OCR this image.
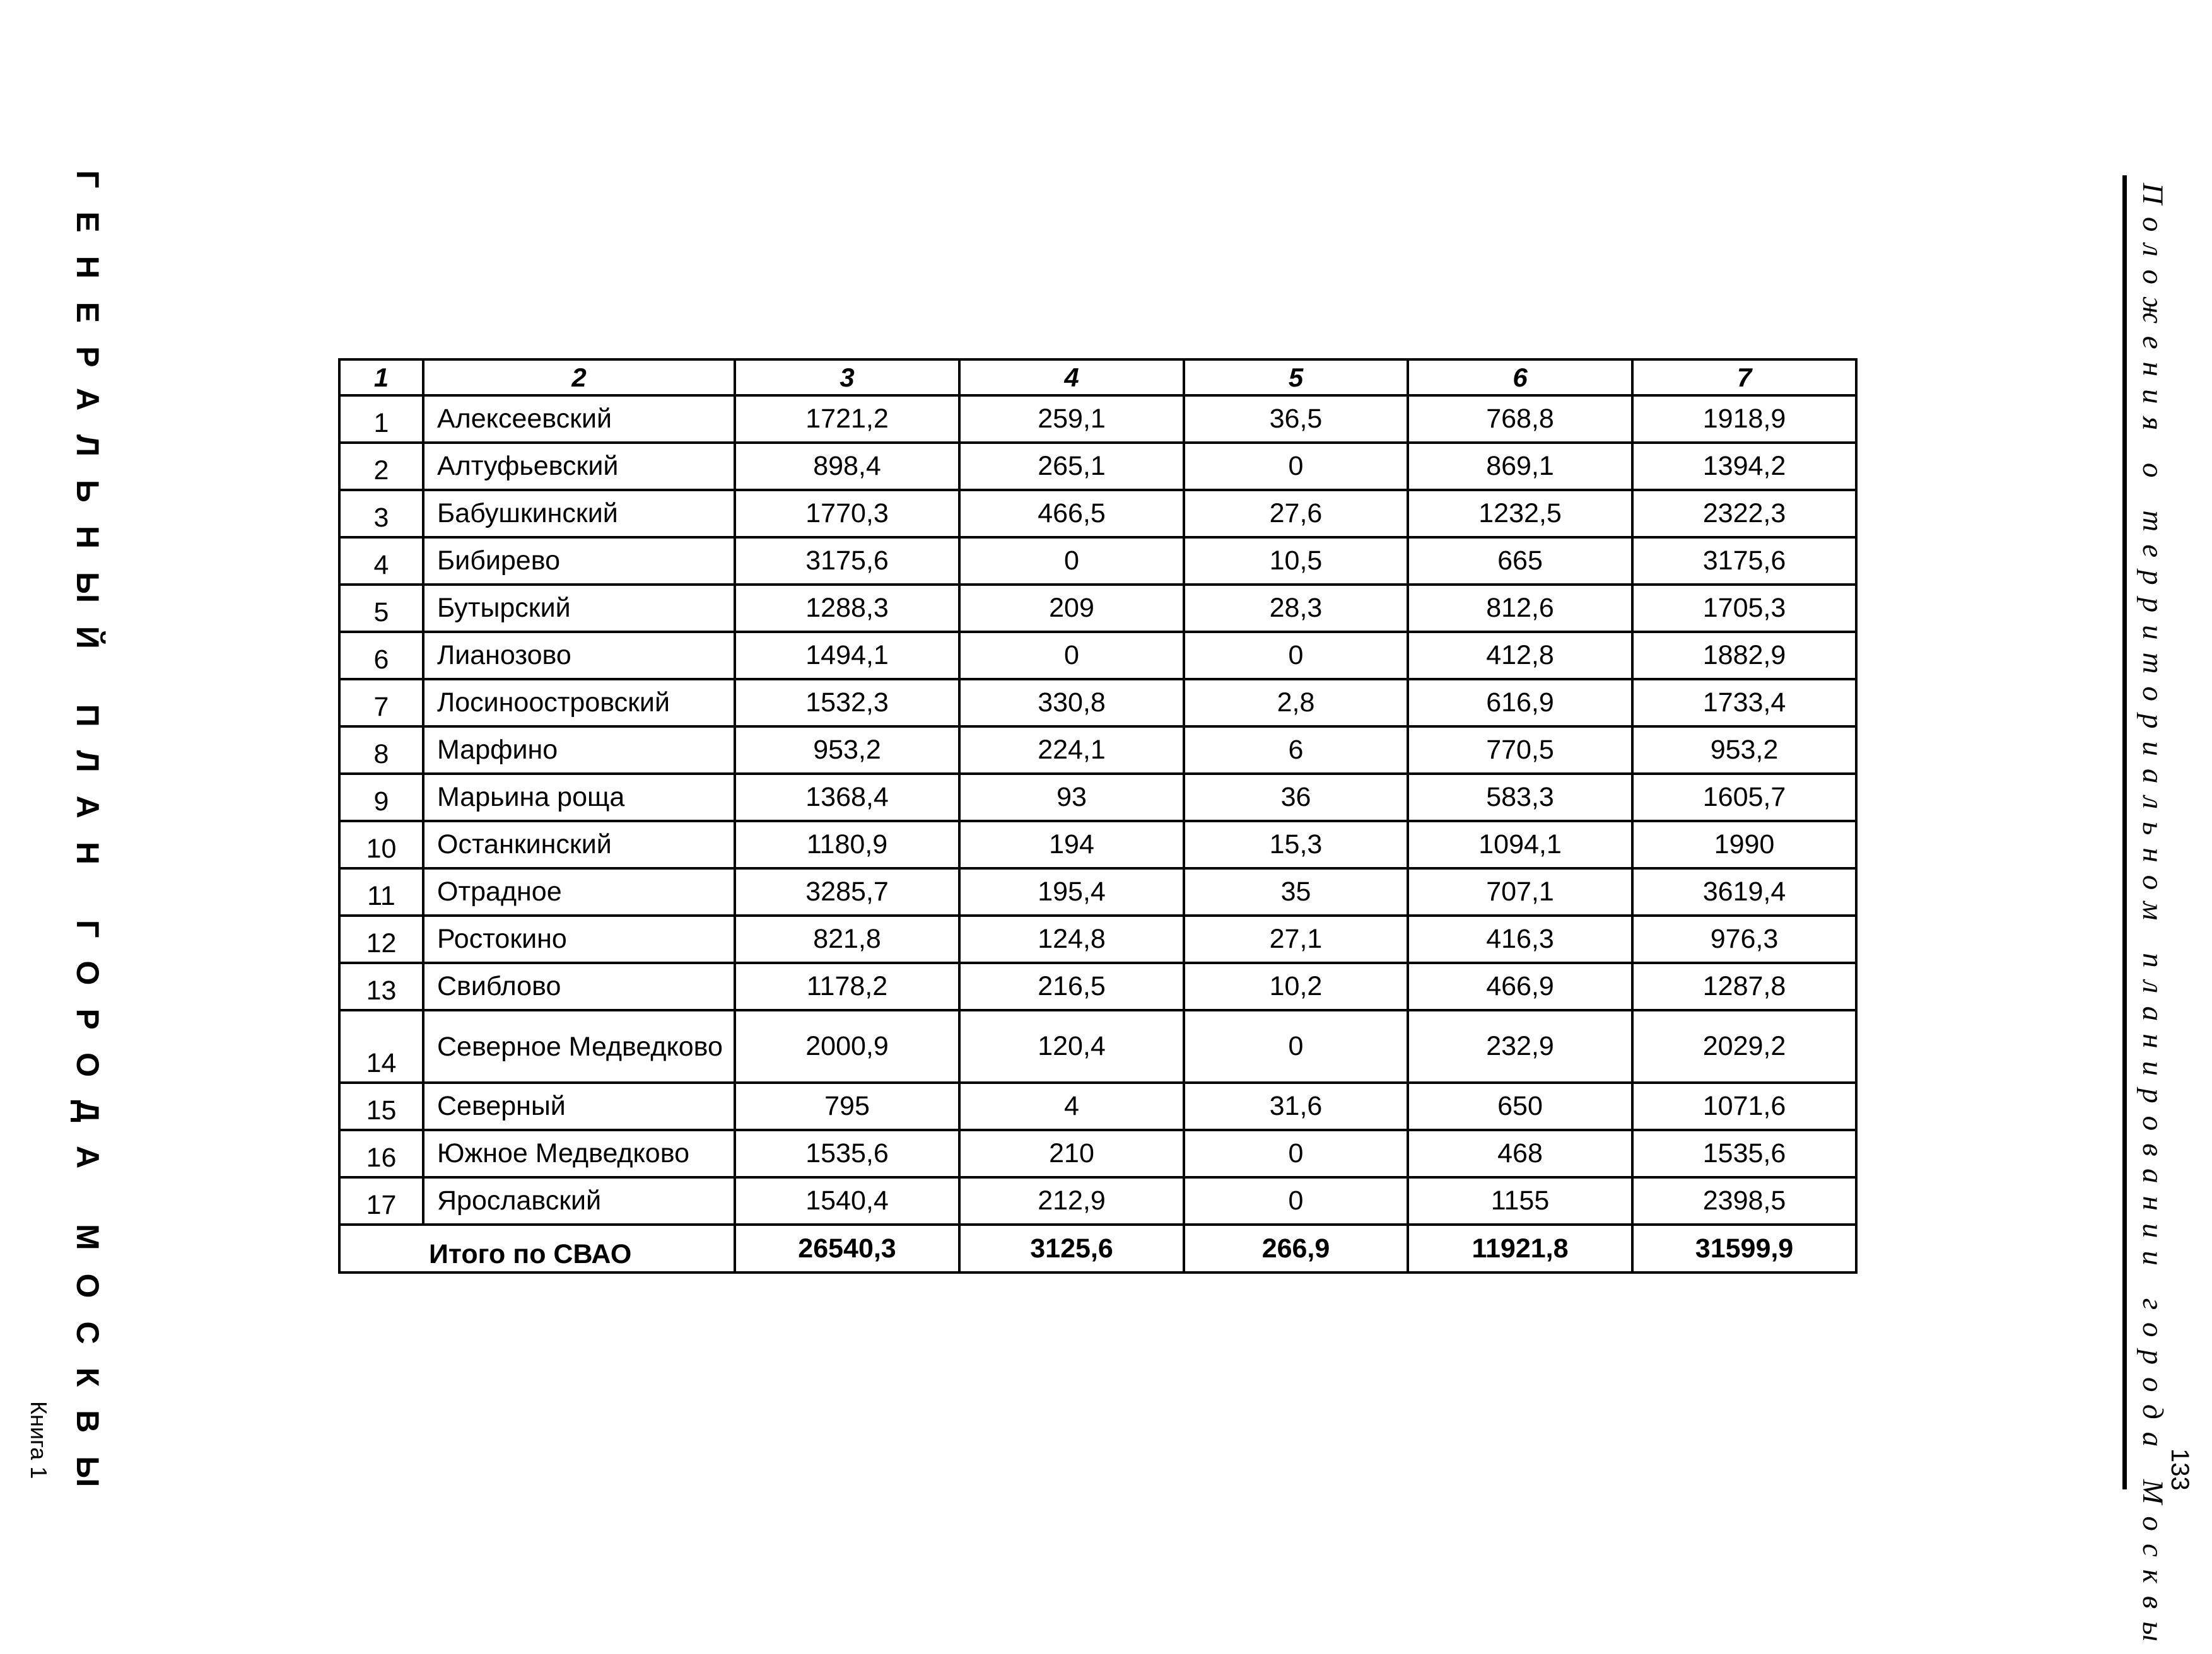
ГЕНЕРАЛЬНЫЙ ПЛАН ГОРОДА МОСКВЫ
Книга 1	Положения о территориальном планировании города Москвы
133
1	2	3	4	5	6	7
1	Алексеевский	1721,2	259,1	36,5	768,8	1918,9
2	Алтуфьевский	898,4	265,1	0	869,1	1394,2
3	Бабушкинский	1770,3	466,5	27,6	1232,5	2322,3
4	Бибирево	3175,6	0	10,5	665	3175,6
5	Бутырский	1288,3	209	28,3	812,6	1705,3
6	Лианозово	1494,1	0	0	412,8	1882,9
7	Лосиноостровский	1532,3	330,8	2,8	616,9	1733,4
8	Марфино	953,2	224,1	6	770,5	953,2
9	Марьина роща	1368,4	93	36	583,3	1605,7
10	Останкинский	1180,9	194	15,3	1094,1	1990
11	Отрадное	3285,7	195,4	35	707,1	3619,4
12	Ростокино	821,8	124,8	27,1	416,3	976,3
13	Свиблово	1178,2	216,5	10,2	466,9	1287,8
14	Северное Медведково	2000,9	120,4	0	232,9	2029,2
15	Северный	795	4	31,6	650	1071,6
16	Южное Медведково	1535,6	210	0	468	1535,6
17	Ярославский	1540,4	212,9	0	1155	2398,5
Итого по СВАО		26540,3	3125,6	266,9	11921,8	31599,9
